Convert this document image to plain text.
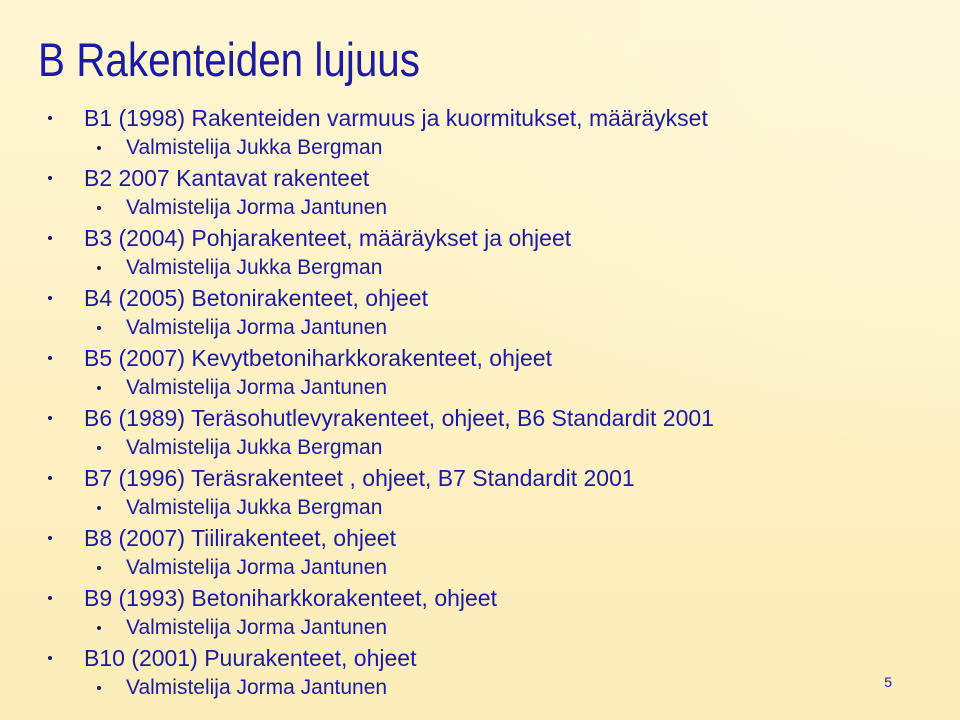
B Rakenteiden lujuus
B1 (1998) Rakenteiden varmuus ja kuormitukset, määräykset
Valmistelija Jukka Bergman
B2 2007 Kantavat rakenteet
Valmistelija Jorma Jantunen
B3 (2004) Pohjarakenteet, määräykset ja ohjeet
Valmistelija Jukka Bergman
B4 (2005) Betonirakenteet, ohjeet
Valmistelija Jorma Jantunen
B5 (2007) Kevytbetoniharkkorakenteet, ohjeet
Valmistelija Jorma Jantunen
B6 (1989) Teräsohutlevyrakenteet, ohjeet, B6 Standardit 2001
Valmistelija Jukka Bergman
B7 (1996) Teräsrakenteet , ohjeet, B7 Standardit 2001
Valmistelija Jukka Bergman
B8 (2007) Tiilirakenteet, ohjeet
Valmistelija Jorma Jantunen
B9 (1993) Betoniharkkorakenteet, ohjeet
Valmistelija Jorma Jantunen
B10 (2001) Puurakenteet, ohjeet
Valmistelija Jorma Jantunen	5
